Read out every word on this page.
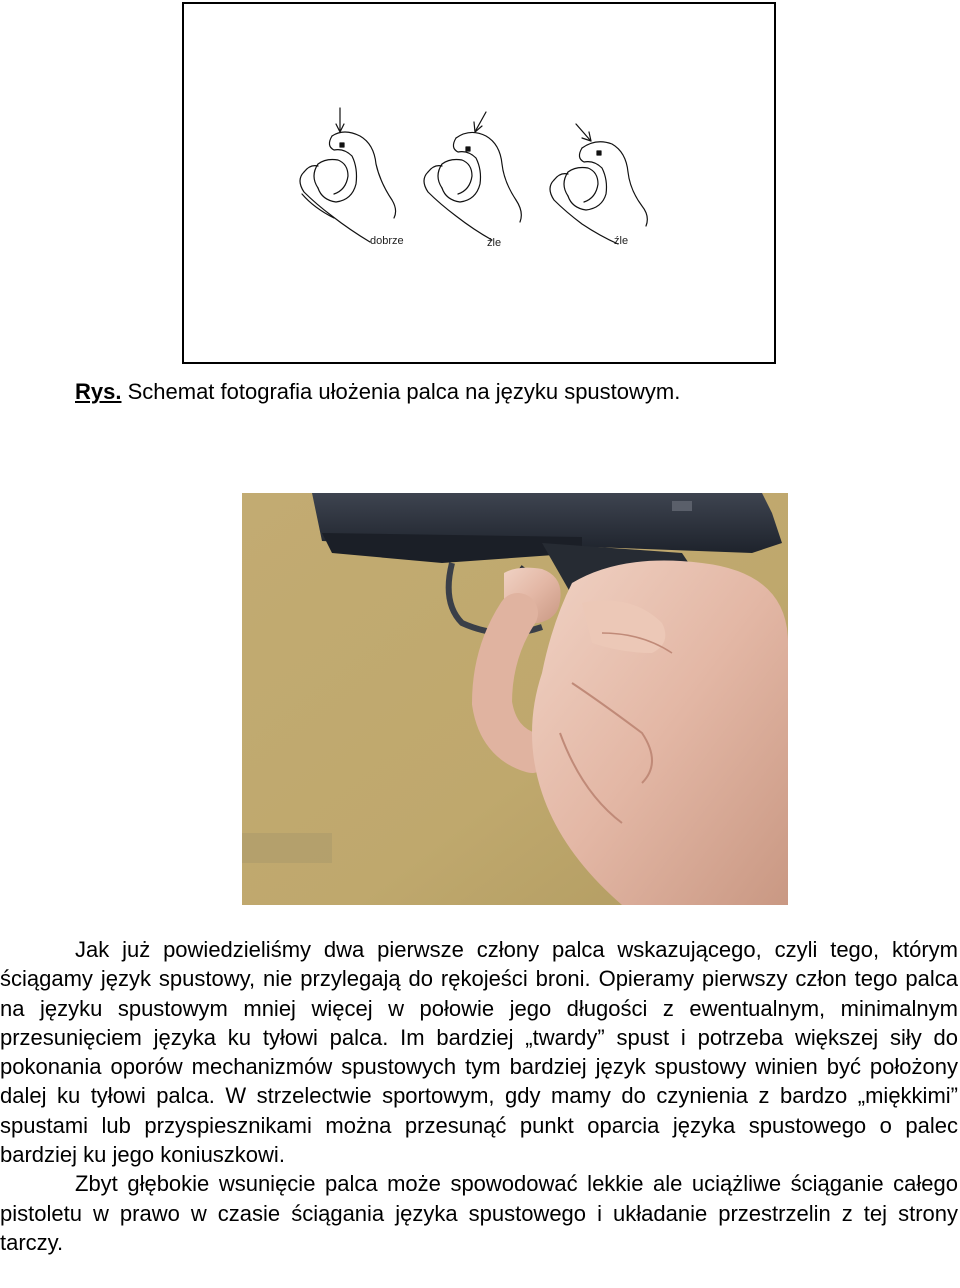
dobrze	źle	źle
Rys. Schemat fotografia ułożenia palca na języku spustowym.

Jak już powiedzieliśmy dwa pierwsze człony palca wskazującego, czyli tego, którym ściągamy język spustowy, nie przylegają do rękojeści broni. Opieramy pierwszy człon tego palca na języku spustowym mniej więcej w połowie jego długości z ewentualnym, minimalnym przesunięciem języka ku tyłowi palca. Im bardziej „twardy” spust i potrzeba większej siły do pokonania oporów mechanizmów spustowych tym bardziej język spustowy winien być położony dalej ku tyłowi palca. W strzelectwie sportowym, gdy mamy do czynienia z bardzo „miękkimi” spustami lub przyspiesznikami można przesunąć punkt oparcia języka spustowego o palec bardziej ku jego koniuszkowi.

Zbyt głębokie wsunięcie palca może spowodować lekkie ale uciążliwe ściąganie całego pistoletu w prawo w czasie ściągania języka spustowego i układanie przestrzelin z tej strony tarczy.
